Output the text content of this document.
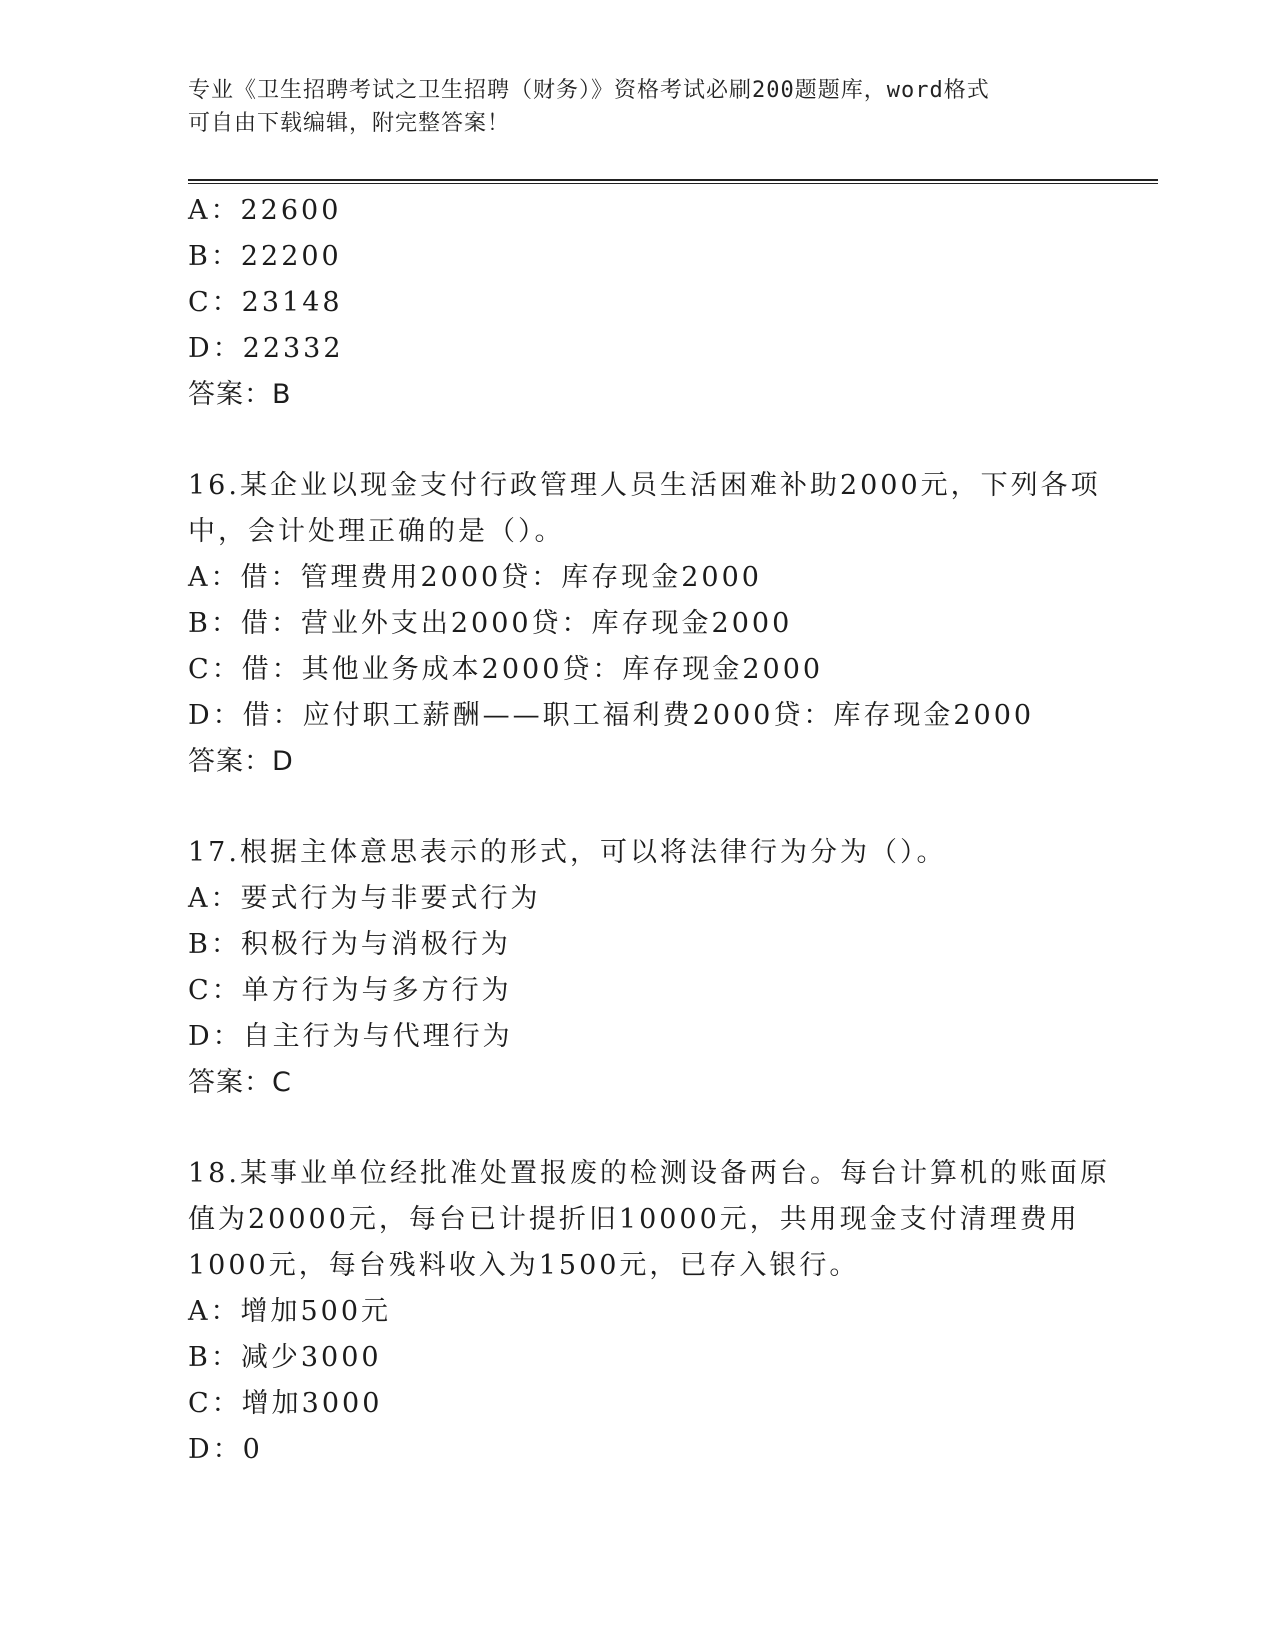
专业《卫生招聘考试之卫生招聘（财务）》资格考试必刷200题题库，word格式
可自由下载编辑，附完整答案！
A：22600
B：22200
C：23148
D：22332
答案：B
16.某企业以现金支付行政管理人员生活困难补助2000元，下列各项
中，会计处理正确的是（）。
A：借：管理费用2000贷：库存现金2000
B：借：营业外支出2000贷：库存现金2000
C：借：其他业务成本2000贷：库存现金2000
D：借：应付职工薪酬——职工福利费2000贷：库存现金2000
答案：D
17.根据主体意思表示的形式，可以将法律行为分为（）。
A：要式行为与非要式行为
B：积极行为与消极行为
C：单方行为与多方行为
D：自主行为与代理行为
答案：C
18.某事业单位经批准处置报废的检测设备两台。每台计算机的账面原
值为20000元，每台已计提折旧10000元，共用现金支付清理费用
1000元，每台残料收入为1500元，已存入银行。
A：增加500元
B：减少3000
C：增加3000
D：0
